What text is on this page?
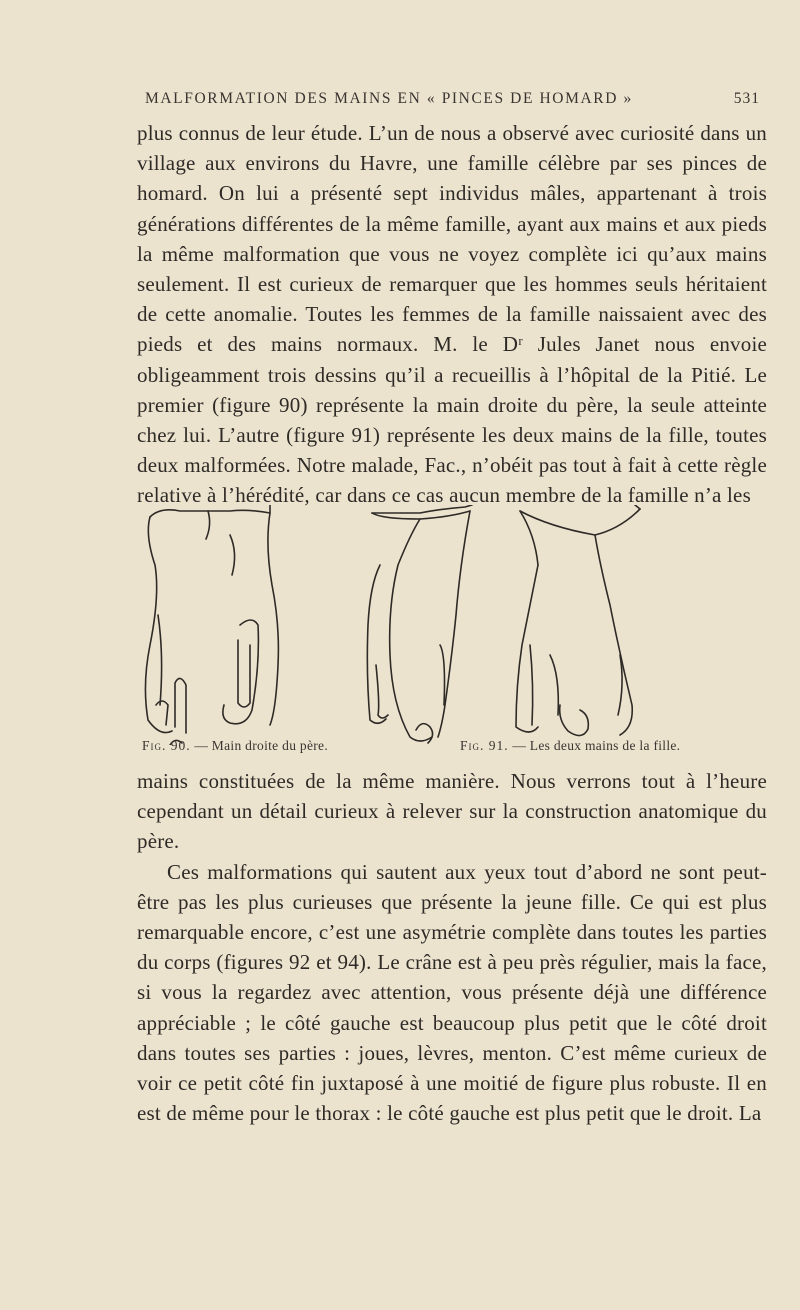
MALFORMATION DES MAINS EN « PINCES DE HOMARD »	531

plus connus de leur étude. L’un de nous a observé avec curiosité dans un village aux environs du Havre, une famille célèbre par ses pinces de homard. On lui a présenté sept individus mâles, appartenant à trois générations différentes de la même famille, ayant aux mains et aux pieds la même malformation que vous ne voyez complète ici qu’aux mains seulement. Il est curieux de remarquer que les hommes seuls héritaient de cette anomalie. Toutes les femmes de la famille naissaient avec des pieds et des mains normaux. M. le Dʳ Jules Janet nous envoie obligeamment trois dessins qu’il a recueillis à l’hôpital de la Pitié. Le premier (figure 90) représente la main droite du père, la seule atteinte chez lui. L’autre (figure 91) représente les deux mains de la fille, toutes deux malformées. Notre malade, Fac., n’obéit pas tout à fait à cette règle relative à l’hérédité, car dans ce cas aucun membre de la famille n’a les

Fig. 90. — Main droite du père.	Fig. 91. — Les deux mains de la fille.

mains constituées de la même manière. Nous verrons tout à l’heure cependant un détail curieux à relever sur la construction anatomique du père.

Ces malformations qui sautent aux yeux tout d’abord ne sont peut-être pas les plus curieuses que présente la jeune fille. Ce qui est plus remarquable encore, c’est une asymétrie complète dans toutes les parties du corps (figures 92 et 94). Le crâne est à peu près régulier, mais la face, si vous la regardez avec attention, vous présente déjà une différence appréciable ; le côté gauche est beaucoup plus petit que le côté droit dans toutes ses parties : joues, lèvres, menton. C’est même curieux de voir ce petit côté fin juxtaposé à une moitié de figure plus robuste. Il en est de même pour le thorax : le côté gauche est plus petit que le droit. La
